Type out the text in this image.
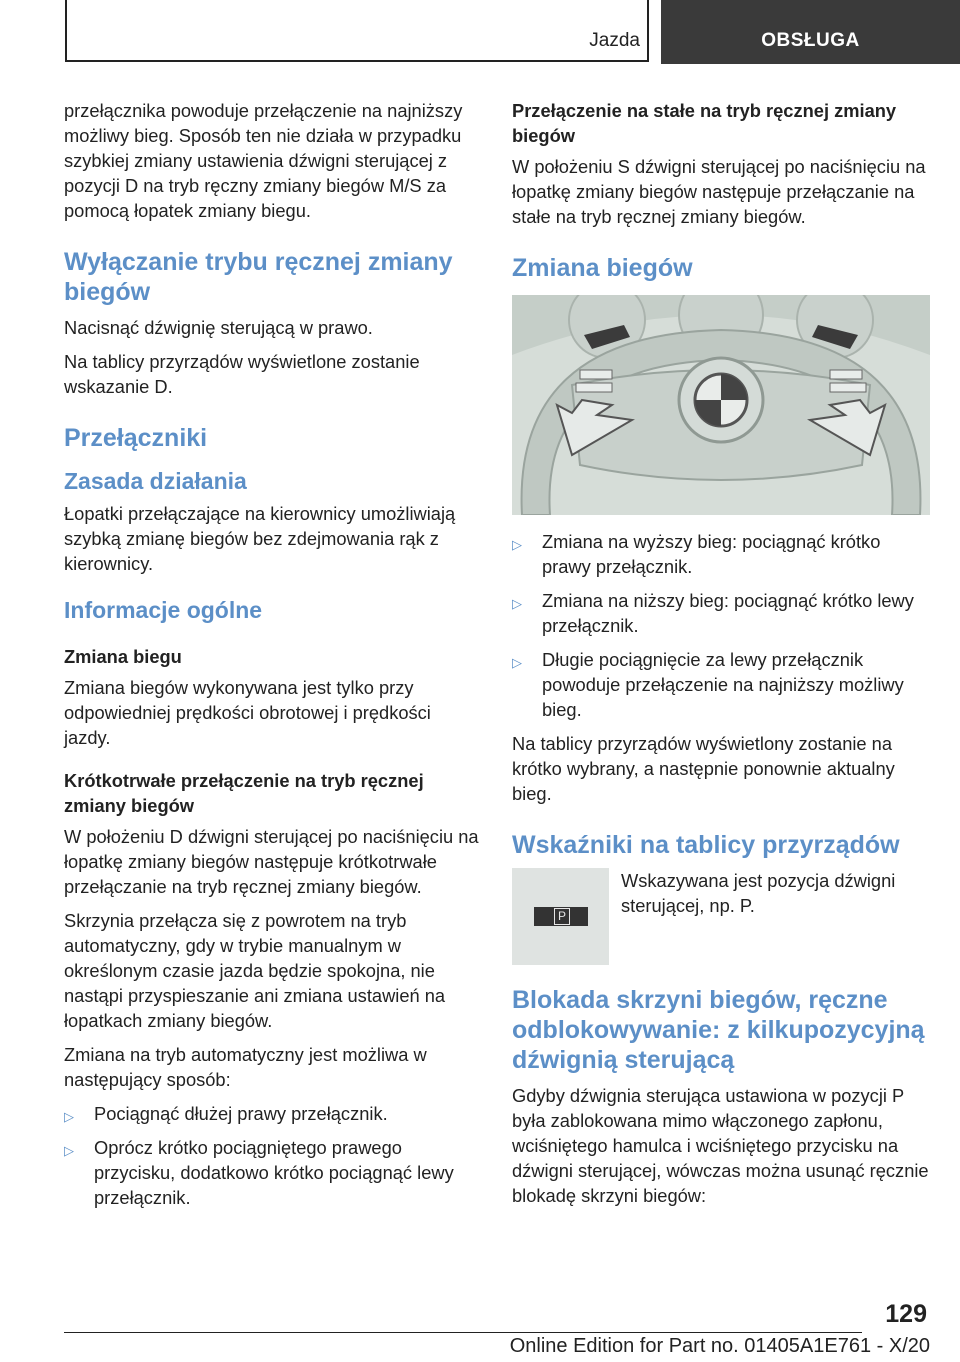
Jazda	OBSŁUGA

przełącznika powoduje przełączenie na najniższy możliwy bieg. Sposób ten nie działa w przypadku szybkiej zmiany ustawienia dźwigni sterującej z pozycji D na tryb ręczny zmiany biegów M/S za pomocą łopatek zmiany biegu.

Wyłączanie trybu ręcznej zmiany biegów

Nacisnąć dźwignię sterującą w prawo.

Na tablicy przyrządów wyświetlone zostanie wskazanie D.

Przełączniki
Zasada działania

Łopatki przełączające na kierownicy umożliwiają szybką zmianę biegów bez zdejmowania rąk z kierownicy.

Informacje ogólne
Zmiana biegu

Zmiana biegów wykonywana jest tylko przy odpowiedniej prędkości obrotowej i prędkości jazdy.

Krótkotrwałe przełączenie na tryb ręcznej zmiany biegów

W położeniu D dźwigni sterującej po naciśnięciu na łopatkę zmiany biegów następuje krótkotrwałe przełączanie na tryb ręcznej zmiany biegów.

Skrzynia przełącza się z powrotem na tryb automatyczny, gdy w trybie manualnym w określonym czasie jazda będzie spokojna, nie nastąpi przyspieszanie ani zmiana ustawień na łopatkach zmiany biegów.

Zmiana na tryb automatyczny jest możliwa w następujący sposób:

▷ Pociągnąć dłużej prawy przełącznik.
▷ Oprócz krótko pociągniętego prawego przycisku, dodatkowo krótko pociągnąć lewy przełącznik.
Przełączenie na stałe na tryb ręcznej zmiany biegów

W położeniu S dźwigni sterującej po naciśnięciu na łopatkę zmiany biegów następuje przełączanie na stałe na tryb ręcznej zmiany biegów.

Zmiana biegów
▷ Zmiana na wyższy bieg: pociągnąć krótko prawy przełącznik.
▷ Zmiana na niższy bieg: pociągnąć krótko lewy przełącznik.
▷ Długie pociągnięcie za lewy przełącznik powoduje przełączenie na najniższy możliwy bieg.

Na tablicy przyrządów wyświetlony zostanie na krótko wybrany, a następnie ponownie aktualny bieg.

Wskaźniki na tablicy przyrządów
P

Wskazywana jest pozycja dźwigni sterującej, np. P.

Blokada skrzyni biegów, ręczne odblokowywanie: z kilkupozycyjną dźwignią sterującą

Gdyby dźwignia sterująca ustawiona w pozycji P była zablokowana mimo włączonego zapłonu, wciśniętego hamulca i wciśniętego przycisku na dźwigni sterującej, wówczas można usunąć ręcznie blokadę skrzyni biegów:

129
Online Edition for Part no. 01405A1E761 - X/20
